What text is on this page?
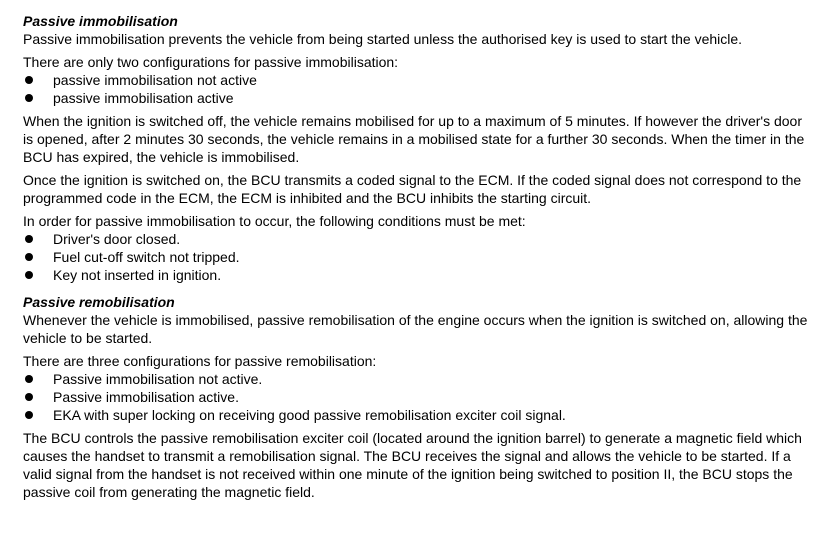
Passive immobilisation

Passive immobilisation prevents the vehicle from being started unless the authorised key is used to start the vehicle.

There are only two configurations for passive immobilisation:

passive immobilisation not active
passive immobilisation active

When the ignition is switched off, the vehicle remains mobilised for up to a maximum of 5 minutes. If however the driver's door is opened, after 2 minutes 30 seconds, the vehicle remains in a mobilised state for a further 30 seconds. When the timer in the BCU has expired, the vehicle is immobilised.

Once the ignition is switched on, the BCU transmits a coded signal to the ECM. If the coded signal does not correspond to the programmed code in the ECM, the ECM is inhibited and the BCU inhibits the starting circuit.

In order for passive immobilisation to occur, the following conditions must be met:

Driver's door closed.
Fuel cut-off switch not tripped.
Key not inserted in ignition.

Passive remobilisation

Whenever the vehicle is immobilised, passive remobilisation of the engine occurs when the ignition is switched on, allowing the vehicle to be started.

There are three configurations for passive remobilisation:

Passive immobilisation not active.
Passive immobilisation active.
EKA with super locking on receiving good passive remobilisation exciter coil signal.

The BCU controls the passive remobilisation exciter coil (located around the ignition barrel) to generate a magnetic field which causes the handset to transmit a remobilisation signal. The BCU receives the signal and allows the vehicle to be started. If a valid signal from the handset is not received within one minute of the ignition being switched to position II, the BCU stops the passive coil from generating the magnetic field.
